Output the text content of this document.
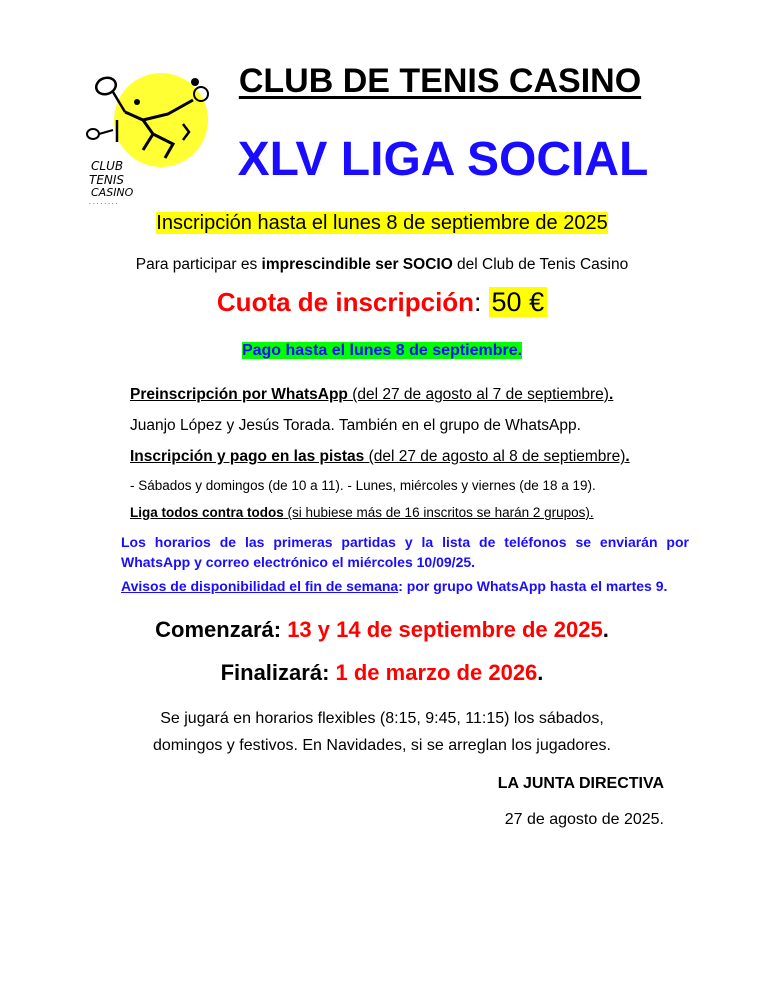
CLUB
TENIS
CASINO
· · · · · · · ·
CLUB DE TENIS CASINO
XLV LIGA SOCIAL
Inscripción hasta el lunes 8 de septiembre de 2025
Para participar es imprescindible ser SOCIO del Club de Tenis Casino
Cuota de inscripción: 50 €
Pago hasta el lunes 8 de septiembre.
Preinscripción por WhatsApp (del 27 de agosto al 7 de septiembre).
Juanjo López y Jesús Torada. También en el grupo de WhatsApp.
Inscripción y pago en las pistas (del 27 de agosto al 8 de septiembre).
- Sábados y domingos (de 10 a 11). - Lunes, miércoles y viernes (de 18 a 19).
Liga todos contra todos (si hubiese más de 16 inscritos se harán 2 grupos).
Los horarios de las primeras partidas y la lista de teléfonos se enviarán por WhatsApp y correo electrónico el miércoles 10/09/25.
Avisos de disponibilidad el fin de semana: por grupo WhatsApp hasta el martes 9.
Comenzará: 13 y 14 de septiembre de 2025.
Finalizará: 1 de marzo de 2026.
Se jugará en horarios flexibles (8:15, 9:45, 11:15) los sábados,
domingos y festivos. En Navidades, si se arreglan los jugadores.
LA JUNTA DIRECTIVA
27 de agosto de 2025.
